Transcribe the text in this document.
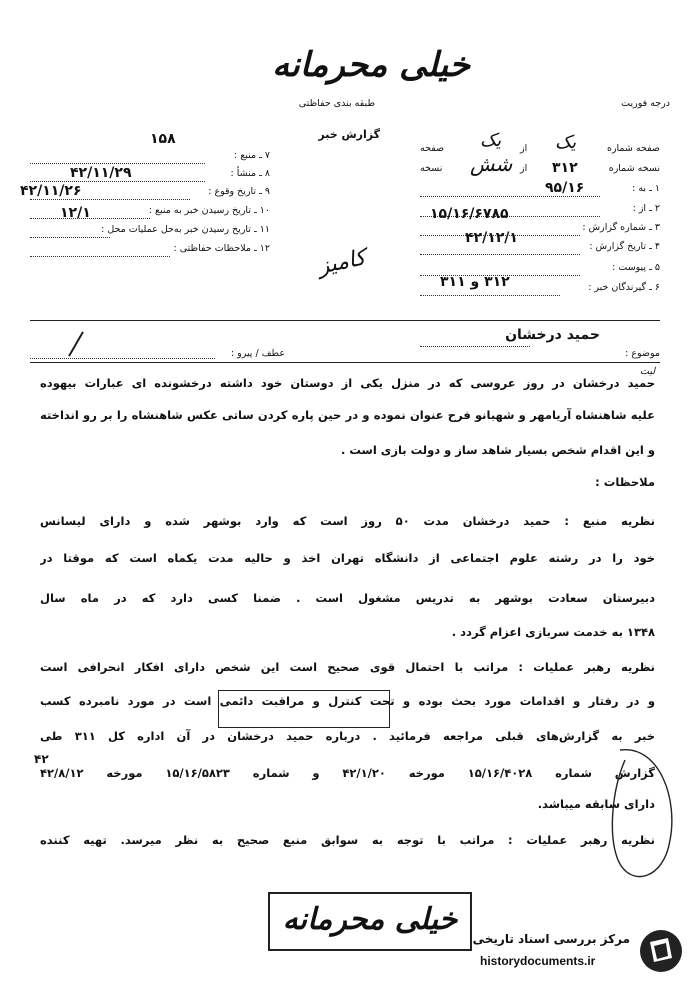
خیلی محرمانه
طبقه بندی حفاظتی	درجه فوریت
گزارش خبر
۷ ـ منبع :
۱۵۸
۸ ـ منشأ :
۴۲/۱۱/۲۹
۹ ـ تاریخ وقوع :
۴۲/۱۱/۲۶
۱۰ ـ تاریخ رسیدن خبر به منبع :
۱۱ ـ تاریخ رسیدن خبر به‌حل عملیات محل :
۱۲/۱
۱۲ ـ ملاحظات حفاظتی :
صفحه شماره
یک
از
یک
صفحه
نسخه شماره
۳۱۲
از
شش
نسخه
۱ ـ به :
۹۵/۱۶
۲ ـ از :
۳ ـ شماره گزارش :
۱۵/۱۶/۶۷۸۵
۴ ـ تاریخ گزارش :
۴۲/۱۲/۱
۵ ـ پیوست :
۶ ـ گیرندگان خبر :
۳۱۲ و ۳۱۱
کامیز
موضوع :
حمید درخشان
عطف / پیرو :
لیت
حمید درخشان در روز عروسی که در منزل یکی از دوستان خود داشته درخشونده ای عبارات بیهوده
علیه شاهنشاه آریامهر و شهبانو فرح عنوان نموده و در حین پاره کردن ساتی عکس شاهنشاه را بر رو انداخته
و این اقدام شخص بسیار شاهد ساز و دولت بازی است .
ملاحظات :
نظریه منبع : حمید درخشان مدت ۵۰ روز است که وارد بوشهر شده و دارای لیسانس
خود را در رشته علوم اجتماعی از دانشگاه تهران اخذ و حالیه مدت یکماه است که موقتا در
دبیرستان سعادت بوشهر به تدریس مشغول است . ضمنا کسی دارد که در ماه سال
۱۳۴۸ به خدمت سربازی اعزام گردد .
نظریه رهبر عملیات : مراتب با احتمال قوی صحیح است این شخص دارای افکار انحرافی است
و در رفتار و اقدامات مورد بحث بوده و تحت کنترل و مراقبت دائمی است در مورد نامبرده کسب
خبر به گزارش‌های قبلی مراجعه فرمائید . درباره حمید درخشان در آن اداره کل ۳۱۱ طی
گزارش شماره ۱۵/۱۶/۴۰۲۸ مورخه ۴۲/۱/۲۰ و شماره ۱۵/۱۶/۵۸۲۳ مورخه ۴۲/۸/۱۲
۴۲
دارای سابقه میباشد.
نظریه رهبر عملیات : مراتب با توجه به سوابق منبع صحیح به نظر میرسد. تهیه کننده
خیلی محرمانه
مرکز بررسی اسناد تاریخی
historydocuments.ir
